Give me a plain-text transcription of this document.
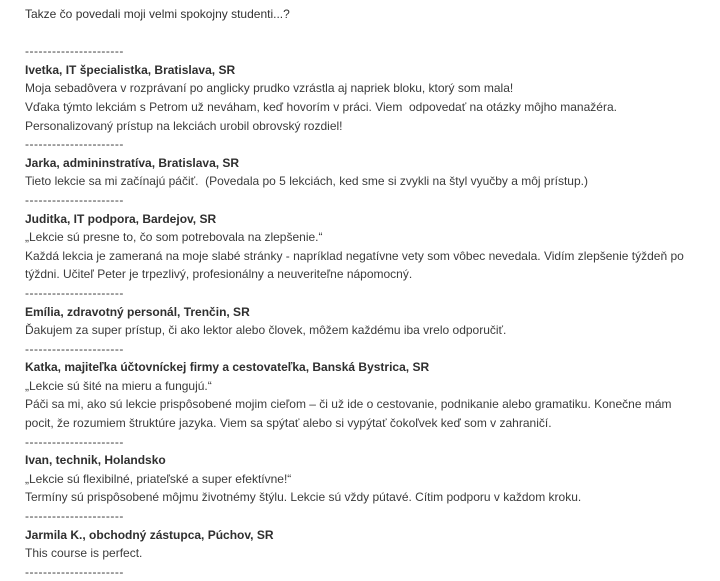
Takze čo povedali moji velmi spokojny studenti...?
----------------------
Ivetka, IT špecialistka, Bratislava, SR
Moja sebadôvera v rozprávaní po anglicky prudko vzrástla aj napriek bloku, ktorý som mala!
Vďaka týmto lekciám s Petrom už neváham, keď hovorím v práci. Viem  odpovedať na otázky môjho manažéra.
Personalizovaný prístup na lekciách urobil obrovský rozdiel!
----------------------
Jarka, admininstratíva, Bratislava, SR
Tieto lekcie sa mi začínajú páčiť.  (Povedala po 5 lekciách, ked sme si zvykli na štyl vyučby a môj prístup.)
----------------------
Juditka, IT podpora, Bardejov, SR
„Lekcie sú presne to, čo som potrebovala na zlepšenie.“
Každá lekcia je zameraná na moje slabé stránky - napríklad negatívne vety som vôbec nevedala. Vidím zlepšenie týždeň po
týždni. Učiteľ Peter je trpezlivý, profesionálny a neuveriteľne nápomocný.
----------------------
Emília, zdravotný personál, Trenčin, SR
Ďakujem za super prístup, či ako lektor alebo človek, môžem každému iba vrelo odporučiť.
----------------------
Katka, majiteľka účtovníckej firmy a cestovateľka, Banská Bystrica, SR
„Lekcie sú šité na mieru a fungujú.“
Páči sa mi, ako sú lekcie prispôsobené mojim cieľom – či už ide o cestovanie, podnikanie alebo gramatiku. Konečne mám
pocit, že rozumiem štruktúre jazyka. Viem sa spýtať alebo si vypýtať čokoľvek keď som v zahraničí.
----------------------
Ivan, technik, Holandsko
„Lekcie sú flexibilné, priateľské a super efektívne!“
Termíny sú prispôsobené môjmu životnémy štýlu. Lekcie sú vždy pútavé. Cítim podporu v každom kroku.
----------------------
Jarmila K., obchodný zástupca, Púchov, SR
This course is perfect.
----------------------
